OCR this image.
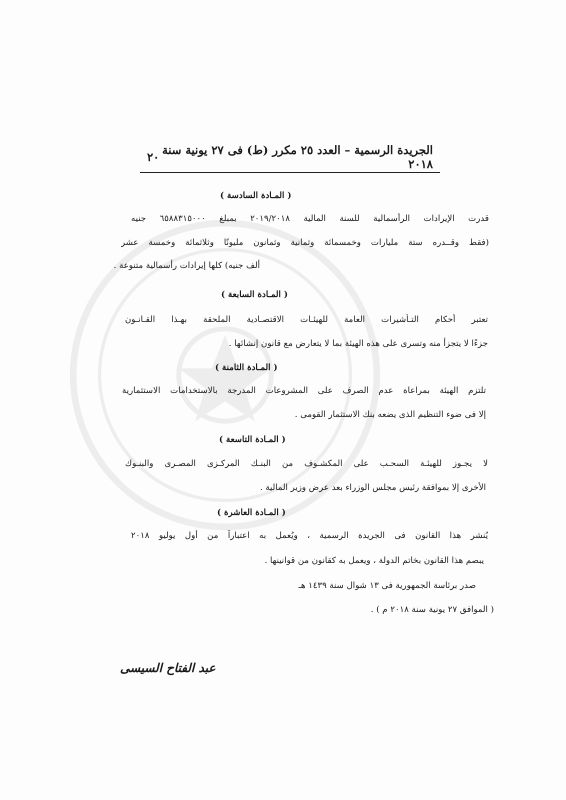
الجريدة الرسمية – العدد ٢٥ مكرر (ط) فى ٢٧ يونية سنة ٢٠١٨
٢٠
( المـادة السادسة )
قدرت الإيرادات الرأسمالية للسنة المالية ٢٠١٩/٢٠١٨ بمبلغ ٦٥٨٨٣١٥٠٠٠ جنيه
(فقط وقــدره ستة مليارات وخمسمائة وثمانية وثمانون مليونًا وثلاثمائة وخمسة عشر
ألف جنيه) كلها إيرادات رأسمالية متنوعة .
( المـادة السابعة )
تعتبر أحكام التـأشيرات العامة للهيئـات الاقتصـادية الملحقة بهـذا القـانـون
جزءًا لا يتجزأ منه وتسرى على هذه الهيئة بما لا يتعارض مع قانون إنشائها .
( المـادة الثامنة )
تلتزم الهيئة بمراعاة عدم الصرف على المشروعات المدرجة بالاستخدامات الاستثمارية
إلا فى ضوء التنظيم الذى يضعه بنك الاستثمار القومى .
( المـادة التاسعة )
لا يجـوز للهيئـة السحـب على المكشـوف من البنـك المركـزى المصـرى والبنـوك
الأخرى إلا بموافقة رئيس مجلس الوزراء بعد عرض وزير المالية .
( المـادة العاشرة )
يُنشر هذا القانون فى الجريدة الرسمية ، ويُعمل به اعتباراً من أول يوليو ٢٠١٨
يبصم هذا القانون بخاتم الدولة ، ويعمل به كقانون من قوانينها .
صدر برئاسة الجمهورية فى ١٣ شوال سنة ١٤٣٩ هـ
( الموافق ٢٧ يونية سنة ٢٠١٨ م ) .
عبد الفتاح السيسى
